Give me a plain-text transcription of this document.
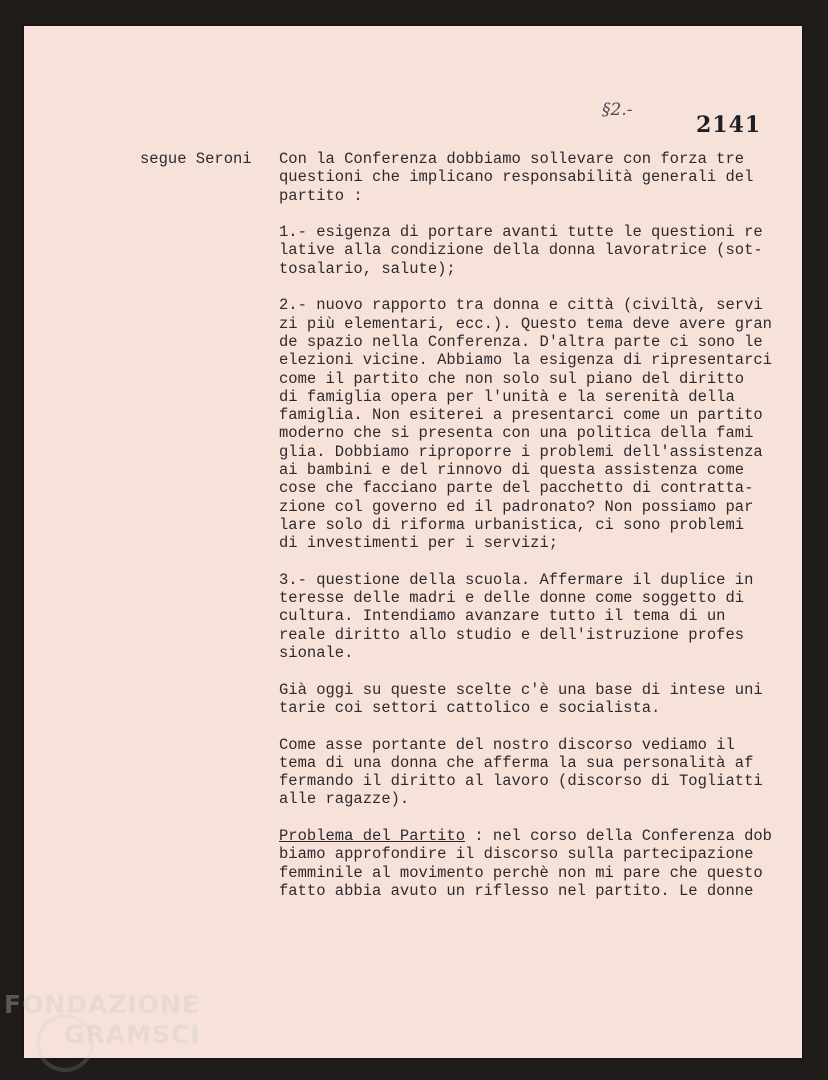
§2.-
2141
segue Seroni Con la Conferenza dobbiamo sollevare con forza tre
questioni che implicano responsabilità generali del
partito :
1.- esigenza di portare avanti tutte le questioni re
lative alla condizione della donna lavoratrice (sot-
tosalario, salute);
2.- nuovo rapporto tra donna e città (civiltà, servi
zi più elementari, ecc.). Questo tema deve avere gran
de spazio nella Conferenza. D'altra parte ci sono le
elezioni vicine. Abbiamo la esigenza di ripresentarci
come il partito che non solo sul piano del diritto
di famiglia opera per l'unità e la serenità della
famiglia. Non esiterei a presentarci come un partito
moderno che si presenta con una politica della fami
glia. Dobbiamo riproporre i problemi dell'assistenza
ai bambini e del rinnovo di questa assistenza come
cose che facciano parte del pacchetto di contratta-
zione col governo ed il padronato? Non possiamo par
lare solo di riforma urbanistica, ci sono problemi
di investimenti per i servizi;
3.- questione della scuola. Affermare il duplice in
teresse delle madri e delle donne come soggetto di
cultura. Intendiamo avanzare tutto il tema di un
reale diritto allo studio e dell'istruzione profes
sionale.
Già oggi su queste scelte c'è una base di intese uni
tarie coi settori cattolico e socialista.
Come asse portante del nostro discorso vediamo il
tema di una donna che afferma la sua personalità af
fermando il diritto al lavoro (discorso di Togliatti
alle ragazze).
Problema del Partito : nel corso della Conferenza dob
biamo approfondire il discorso sulla partecipazione
femminile al movimento perchè non mi pare che questo
fatto abbia avuto un riflesso nel partito. Le donne
FONDAZIONE
GRAMSCI
